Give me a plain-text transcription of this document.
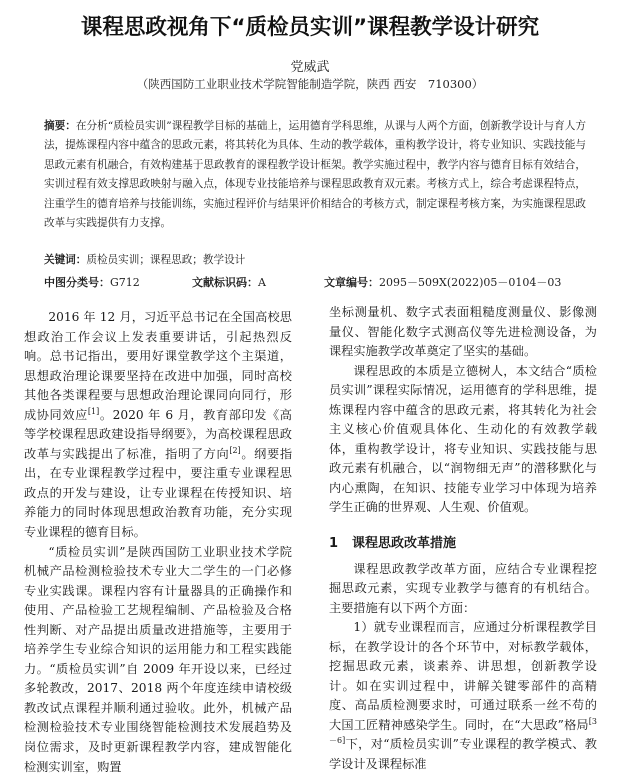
课程思政视角下“质检员实训”课程教学设计研究
党威武
（陕西国防工业职业技术学院智能制造学院，陕西 西安　710300）
摘要：在分析“质检员实训”课程教学目标的基础上，运用德育学科思维，从课与人两个方面，创新教学设计与育人方法，提炼课程内容中蕴含的思政元素，将其转化为具体、生动的教学载体，重构教学设计，将专业知识、实践技能与思政元素有机融合，有效构建基于思政教育的课程教学设计框架。教学实施过程中，教学内容与德育目标有效结合，实训过程有效支撑思政映射与融入点，体现专业技能培养与课程思政教育双元素。考核方式上，综合考虑课程特点，注重学生的德育培养与技能训练，实施过程评价与结果评价相结合的考核方式，制定课程考核方案，为实施课程思政改革与实践提供有力支撑。
关键词：质检员实训；课程思政；教学设计
中图分类号：G712	文献标识码：A	文章编号：2095－509X(2022)05－0104－03

2016 年 12 月，习近平总书记在全国高校思想政治工作会议上发表重要讲话，引起热烈反响。总书记指出，要用好课堂教学这个主渠道，思想政治理论课要坚持在改进中加强，同时高校其他各类课程要与思想政治理论课同向同行，形成协同效应[1]。2020 年 6 月，教育部印发《高等学校课程思政建设指导纲要》，为高校课程思政改革与实践提出了标准，指明了方向[2]。纲要指出，在专业课程教学过程中，要注重专业课程思政点的开发与建设，让专业课程在传授知识、培养能力的同时体现思想政治教育功能，充分实现专业课程的德育目标。

“质检员实训”是陕西国防工业职业技术学院机械产品检测检验技术专业大二学生的一门必修专业实践课。课程内容有计量器具的正确操作和使用、产品检验工艺规程编制、产品检验及合格性判断、对产品提出质量改进措施等，主要用于培养学生专业综合知识的运用能力和工程实践能力。“质检员实训”自 2009 年开设以来，已经过多轮教改，2017、2018 两个年度连续申请校级教改试点课程并顺利通过验收。此外，机械产品检测检验技术专业围绕智能检测技术发展趋势及岗位需求，及时更新课程教学内容，建成智能化检测实训室，购置

坐标测量机、数字式表面粗糙度测量仪、影像测量仪、智能化数字式测高仪等先进检测设备，为课程实施教学改革奠定了坚实的基础。

课程思政的本质是立德树人，本文结合“质检员实训”课程实际情况，运用德育的学科思维，提炼课程内容中蕴含的思政元素，将其转化为社会主义核心价值观具体化、生动化的有效教学载体，重构教学设计，将专业知识、实践技能与思政元素有机融合，以“润物细无声”的潜移默化与内心熏陶，在知识、技能专业学习中体现为培养学生正确的世界观、人生观、价值观。

1 课程思政改革措施

课程思政教学改革方面，应结合专业课程挖掘思政元素，实现专业教学与德育的有机结合。主要措施有以下两个方面：

1）就专业课程而言，应通过分析课程教学目标，在教学设计的各个环节中，对标教学载体，挖掘思政元素，谈素养、讲思想，创新教学设计。如在实训过程中，讲解关键零部件的高精度、高品质检测要求时，可通过联系一丝不苟的大国工匠精神感染学生。同时，在“大思政”格局[3－6]下，对“质检员实训”专业课程的教学模式、教学设计及课程标准
